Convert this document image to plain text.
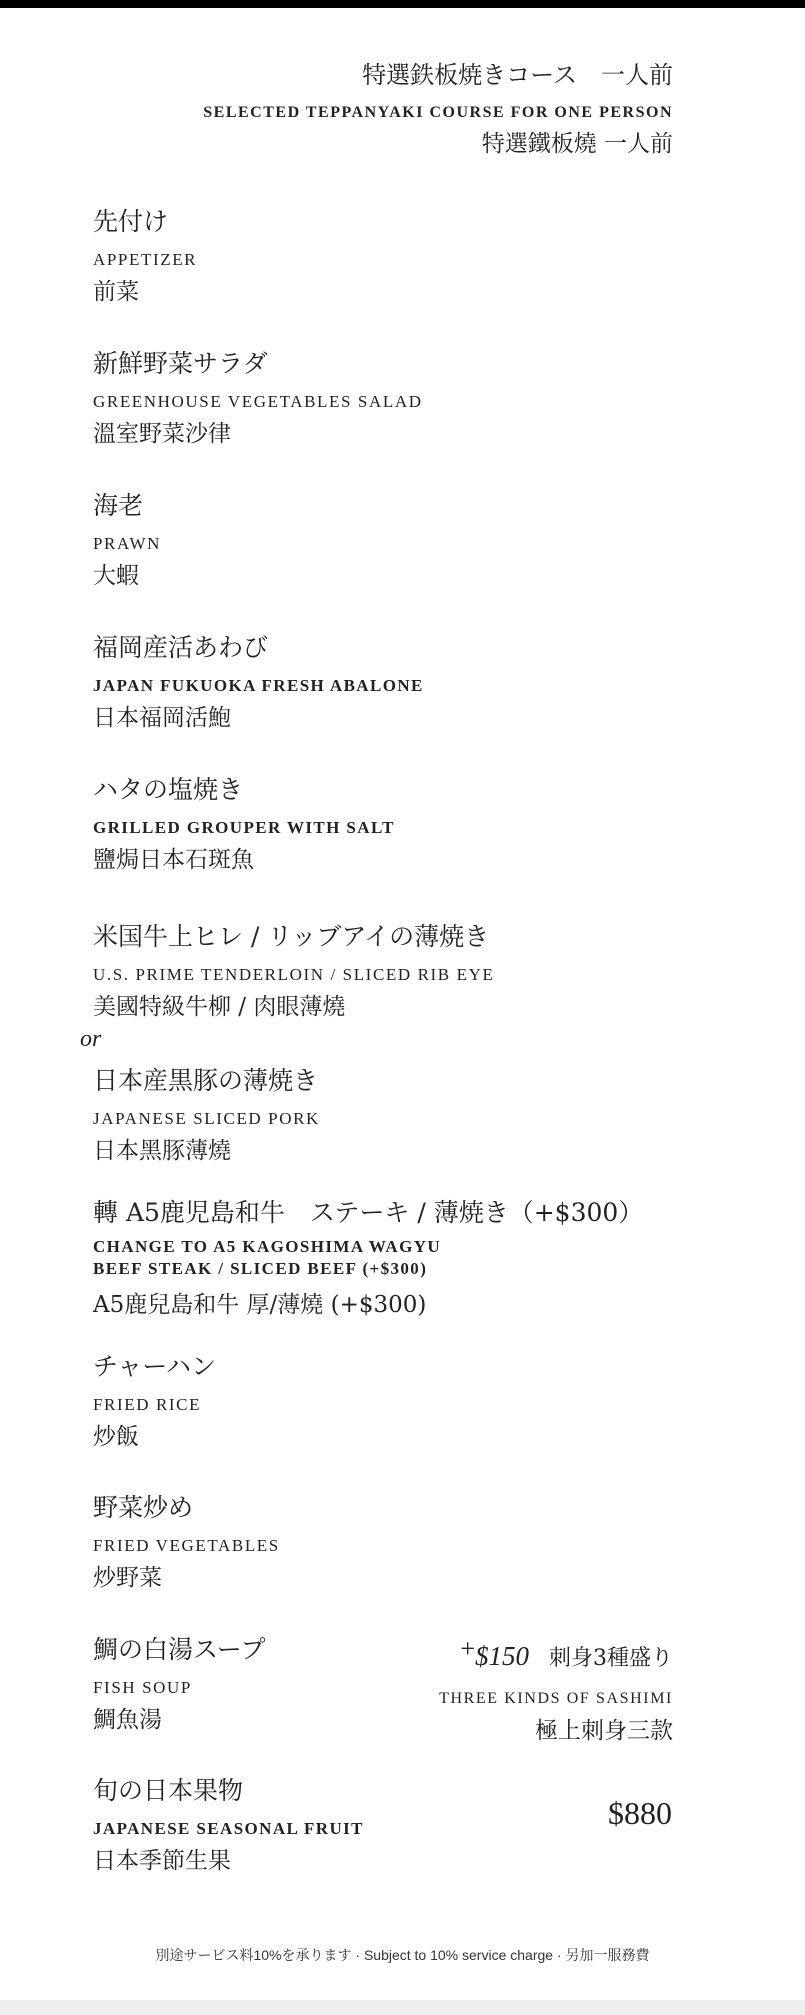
特選鉄板焼きコース　一人前
SELECTED TEPPANYAKI COURSE FOR ONE PERSON
特選鐵板燒 一人前
先付け
APPETIZER
前菜
新鮮野菜サラダ
GREENHOUSE VEGETABLES SALAD
溫室野菜沙律
海老
PRAWN
大蝦
福岡産活あわび
JAPAN FUKUOKA FRESH ABALONE
日本福岡活鮑
ハタの塩焼き
GRILLED GROUPER WITH SALT
鹽焗日本石斑魚
米国牛上ヒレ / リッブアイの薄焼き
U.S. PRIME TENDERLOIN / SLICED RIB EYE
美國特級牛柳 / 肉眼薄燒
or
日本産黒豚の薄焼き
JAPANESE SLICED PORK
日本黑豚薄燒
轉 A5鹿児島和牛　ステーキ / 薄焼き（+$300）
CHANGE TO A5 KAGOSHIMA WAGYU
BEEF STEAK / SLICED BEEF (+$300)
A5鹿兒島和牛 厚/薄燒 (+$300)
チャーハン
FRIED RICE
炒飯
野菜炒め
FRIED VEGETABLES
炒野菜
鯛の白湯スープ
FISH SOUP
鯛魚湯
+$150 刺身3種盛り
THREE KINDS OF SASHIMI
極上刺身三款
旬の日本果物
JAPANESE SEASONAL FRUIT
日本季節生果
$880
別途サービス料10%を承ります · Subject to 10% service charge · 另加一服務費
